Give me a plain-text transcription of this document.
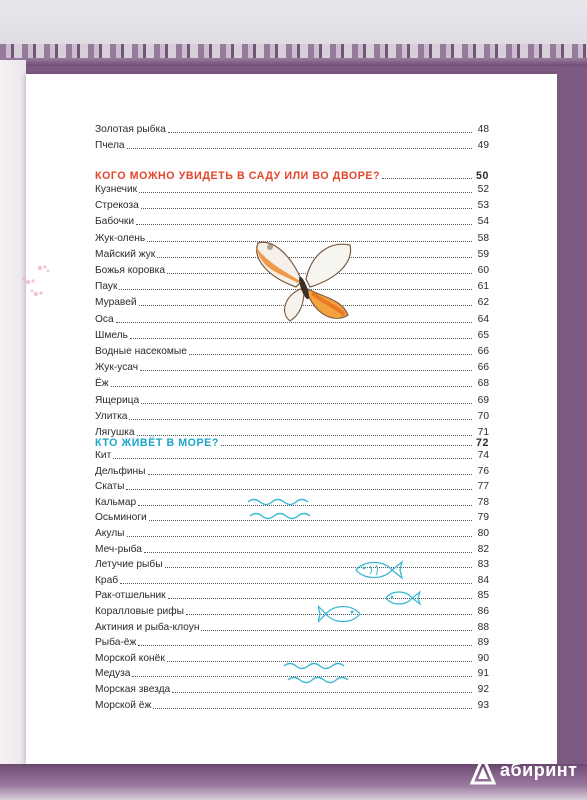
Золотая рыбка	48
Пчела	49
КОГО МОЖНО УВИДЕТЬ В САДУ ИЛИ ВО ДВОРЕ?	50
Кузнечик	52
Стрекоза	53
Бабочки	54
Жук-олень	58
Майский жук	59
Божья коровка	60
Паук	61
Муравей	62
Оса	64
Шмель	65
Водные насекомые	66
Жук-усач	66
Ёж	68
Ящерица	69
Улитка	70
Лягушка	71
КТО ЖИВЁТ В МОРЕ?	72
Кит	74
Дельфины	76
Скаты	77
Кальмар	78
Осьминоги	79
Акулы	80
Меч-рыба	82
Летучие рыбы	83
Краб	84
Рак-отшельник	85
Коралловые рифы	86
Актиния и рыба-клоун	88
Рыба-ёж	89
Морской конёк	90
Медуза	91
Морская звезда	92
Морской ёж	93
абиринт
